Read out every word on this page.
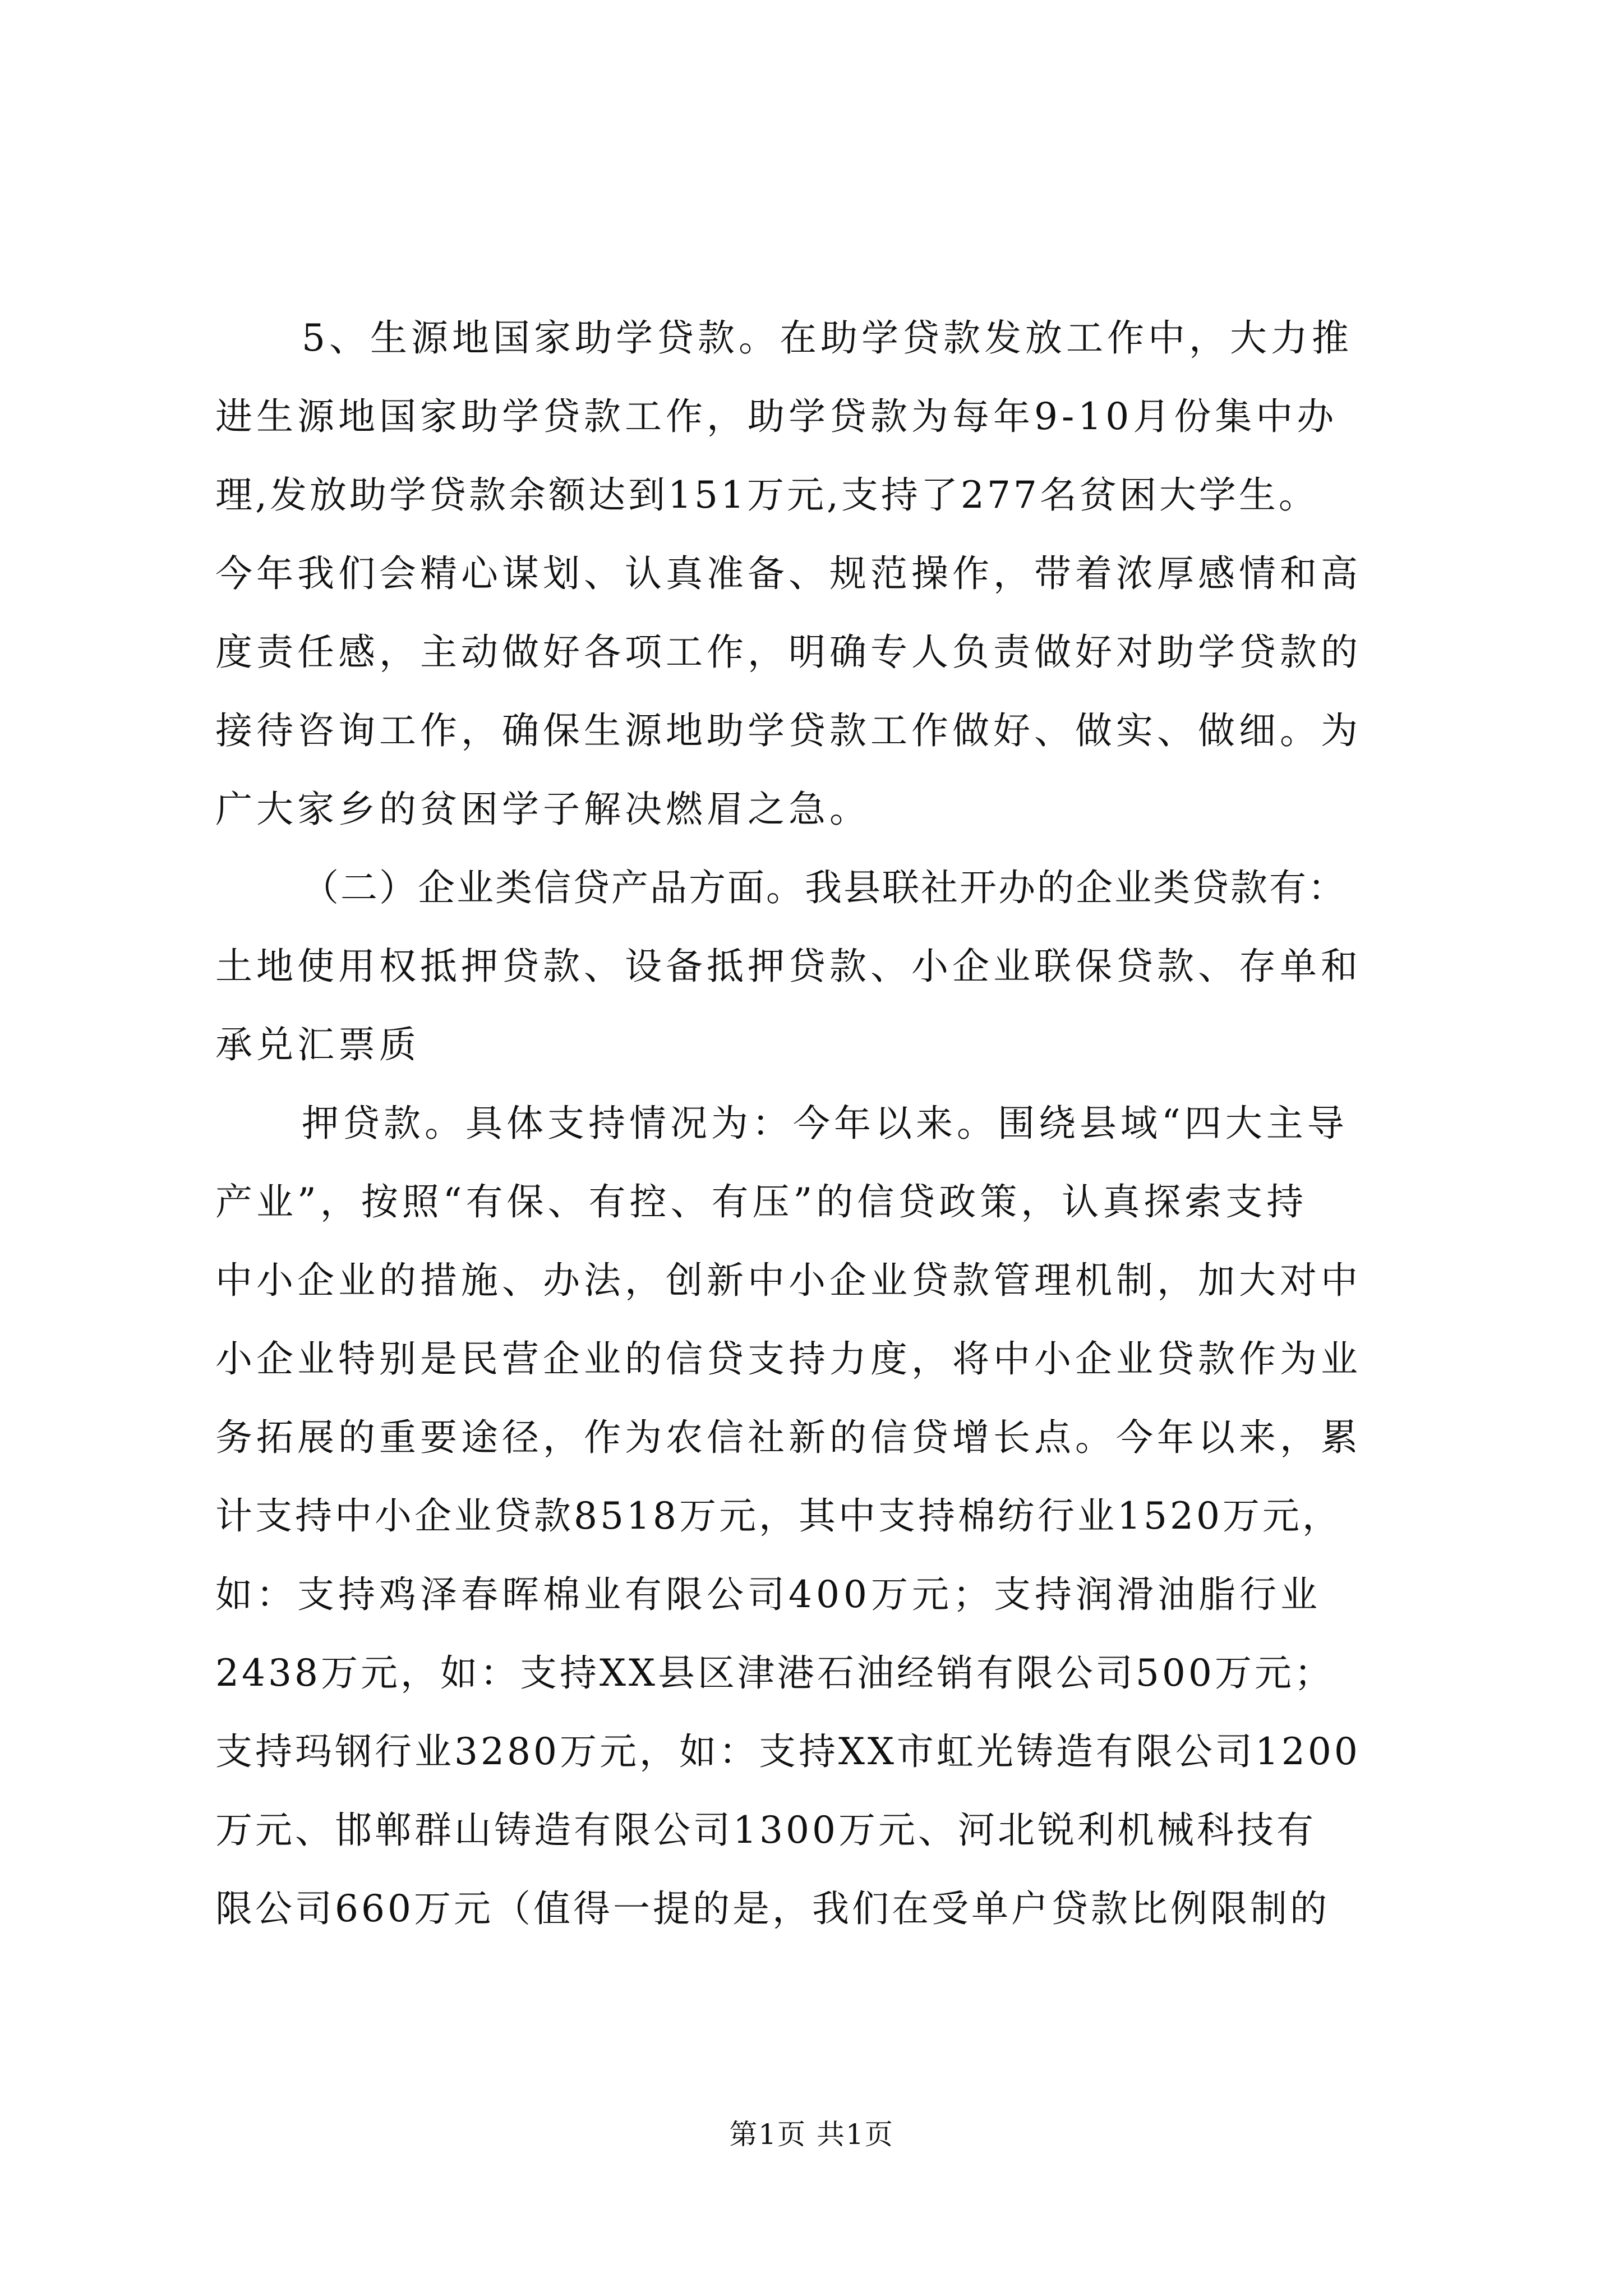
5、生源地国家助学贷款。在助学贷款发放工作中，大力推
进生源地国家助学贷款工作，助学贷款为每年9-10月份集中办
理,发放助学贷款余额达到151万元,支持了277名贫困大学生。
今年我们会精心谋划、认真准备、规范操作，带着浓厚感情和高
度责任感，主动做好各项工作，明确专人负责做好对助学贷款的
接待咨询工作，确保生源地助学贷款工作做好、做实、做细。为
广大家乡的贫困学子解决燃眉之急。
（二）企业类信贷产品方面。我县联社开办的企业类贷款有：
土地使用权抵押贷款、设备抵押贷款、小企业联保贷款、存单和
承兑汇票质
押贷款。具体支持情况为：今年以来。围绕县域“四大主导
产业”，按照“有保、有控、有压”的信贷政策，认真探索支持
中小企业的措施、办法，创新中小企业贷款管理机制，加大对中
小企业特别是民营企业的信贷支持力度，将中小企业贷款作为业
务拓展的重要途径，作为农信社新的信贷增长点。今年以来，累
计支持中小企业贷款8518万元，其中支持棉纺行业1520万元，
如：支持鸡泽春晖棉业有限公司400万元；支持润滑油脂行业
2438万元，如：支持XX县区津港石油经销有限公司500万元；
支持玛钢行业3280万元，如：支持XX市虹光铸造有限公司1200
万元、邯郸群山铸造有限公司1300万元、河北锐利机械科技有
限公司660万元（值得一提的是，我们在受单户贷款比例限制的
第1页 共1页
